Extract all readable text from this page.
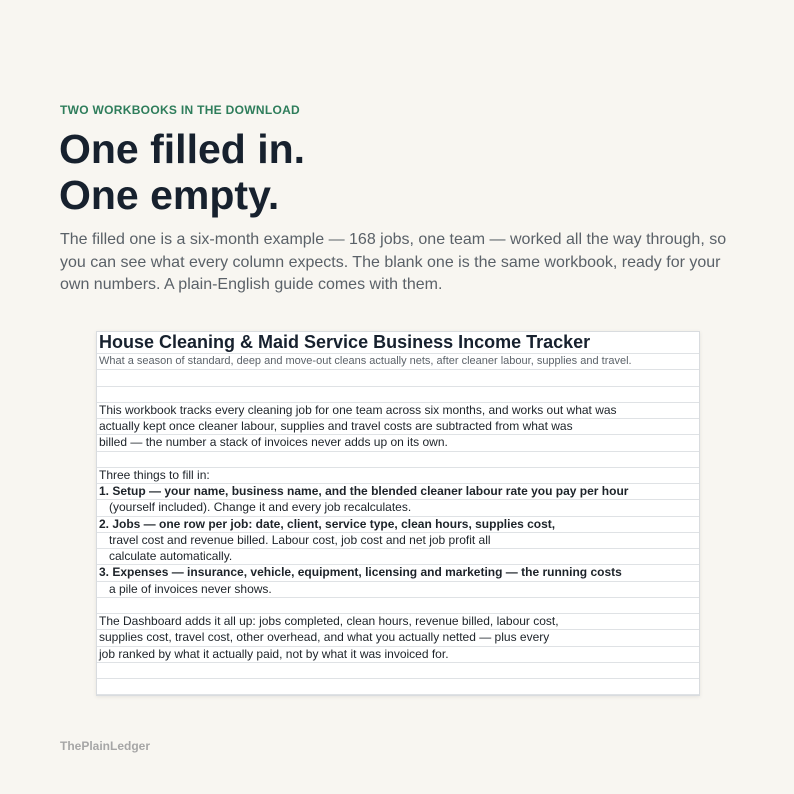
TWO WORKBOOKS IN THE DOWNLOAD
One filled in.
One empty.

The filled one is a six-month example — 168 jobs, one team — worked all the way through, so you can see what every column expects. The blank one is the same workbook, ready for your own numbers. A plain-English guide comes with them.

House Cleaning & Maid Service Business Income Tracker
What a season of standard, deep and move-out cleans actually nets, after cleaner labour, supplies and travel.
This workbook tracks every cleaning job for one team across six months, and works out what was
actually kept once cleaner labour, supplies and travel costs are subtracted from what was
billed — the number a stack of invoices never adds up on its own.
Three things to fill in:
1. Setup — your name, business name, and the blended cleaner labour rate you pay per hour
(yourself included). Change it and every job recalculates.
2. Jobs — one row per job: date, client, service type, clean hours, supplies cost,
travel cost and revenue billed. Labour cost, job cost and net job profit all
calculate automatically.
3. Expenses — insurance, vehicle, equipment, licensing and marketing — the running costs
a pile of invoices never shows.
The Dashboard adds it all up: jobs completed, clean hours, revenue billed, labour cost,
supplies cost, travel cost, other overhead, and what you actually netted — plus every
job ranked by what it actually paid, not by what it was invoiced for.
ThePlainLedger
